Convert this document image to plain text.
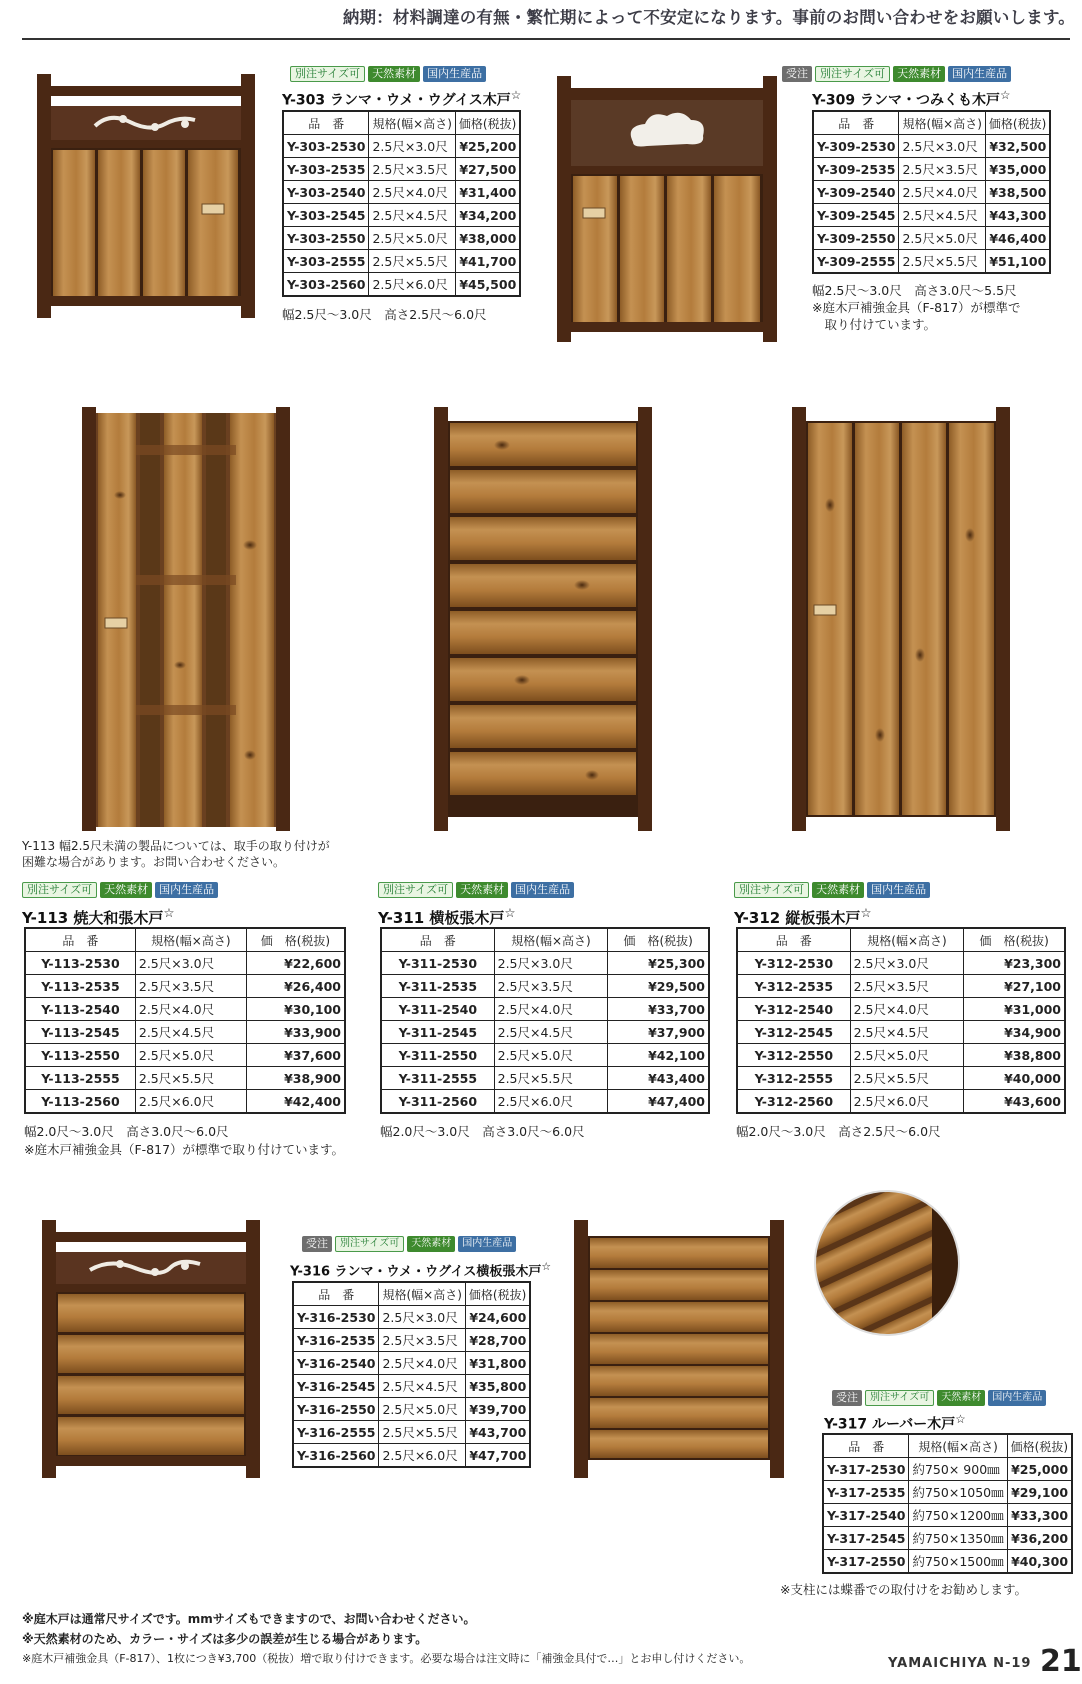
納期：材料調達の有無・繁忙期によって不安定になります。事前のお問い合わせをお願いします。
別注サイズ可	天然素材	国内生産品
Y-303 ランマ・ウメ・ウグイス木戸☆
品　番	規格(幅×高さ)	価格(税抜)
Y-303-2530	2.5尺×3.0尺	¥25,200
Y-303-2535	2.5尺×3.5尺	¥27,500
Y-303-2540	2.5尺×4.0尺	¥31,400
Y-303-2545	2.5尺×4.5尺	¥34,200
Y-303-2550	2.5尺×5.0尺	¥38,000
Y-303-2555	2.5尺×5.5尺	¥41,700
Y-303-2560	2.5尺×6.0尺	¥45,500
幅2.5尺～3.0尺　高さ2.5尺～6.0尺
受注	別注サイズ可	天然素材	国内生産品
Y-309 ランマ・つみくも木戸☆
品　番	規格(幅×高さ)	価格(税抜)
Y-309-2530	2.5尺×3.0尺	¥32,500
Y-309-2535	2.5尺×3.5尺	¥35,000
Y-309-2540	2.5尺×4.0尺	¥38,500
Y-309-2545	2.5尺×4.5尺	¥43,300
Y-309-2550	2.5尺×5.0尺	¥46,400
Y-309-2555	2.5尺×5.5尺	¥51,100
幅2.5尺～3.0尺　高さ3.0尺～5.5尺
※庭木戸補強金具（F-817）が標準で
　取り付けています。
Y-113 幅2.5尺未満の製品については、取手の取り付けが
困難な場合があります。お問い合わせください。
別注サイズ可	天然素材	国内生産品
Y-113 焼大和張木戸☆
品　番	規格(幅×高さ)	価　格(税抜)
Y-113-2530	2.5尺×3.0尺	¥22,600
Y-113-2535	2.5尺×3.5尺	¥26,400
Y-113-2540	2.5尺×4.0尺	¥30,100
Y-113-2545	2.5尺×4.5尺	¥33,900
Y-113-2550	2.5尺×5.0尺	¥37,600
Y-113-2555	2.5尺×5.5尺	¥38,900
Y-113-2560	2.5尺×6.0尺	¥42,400
幅2.0尺～3.0尺　高さ3.0尺～6.0尺
※庭木戸補強金具（F-817）が標準で取り付けています。
別注サイズ可	天然素材	国内生産品
Y-311 横板張木戸☆
品　番	規格(幅×高さ)	価　格(税抜)
Y-311-2530	2.5尺×3.0尺	¥25,300
Y-311-2535	2.5尺×3.5尺	¥29,500
Y-311-2540	2.5尺×4.0尺	¥33,700
Y-311-2545	2.5尺×4.5尺	¥37,900
Y-311-2550	2.5尺×5.0尺	¥42,100
Y-311-2555	2.5尺×5.5尺	¥43,400
Y-311-2560	2.5尺×6.0尺	¥47,400
幅2.0尺～3.0尺　高さ3.0尺～6.0尺
別注サイズ可	天然素材	国内生産品
Y-312 縦板張木戸☆
品　番	規格(幅×高さ)	価　格(税抜)
Y-312-2530	2.5尺×3.0尺	¥23,300
Y-312-2535	2.5尺×3.5尺	¥27,100
Y-312-2540	2.5尺×4.0尺	¥31,000
Y-312-2545	2.5尺×4.5尺	¥34,900
Y-312-2550	2.5尺×5.0尺	¥38,800
Y-312-2555	2.5尺×5.5尺	¥40,000
Y-312-2560	2.5尺×6.0尺	¥43,600
幅2.0尺～3.0尺　高さ2.5尺～6.0尺
受注	別注サイズ可	天然素材	国内生産品
Y-316 ランマ・ウメ・ウグイス横板張木戸☆
品　番	規格(幅×高さ)	価格(税抜)
Y-316-2530	2.5尺×3.0尺	¥24,600
Y-316-2535	2.5尺×3.5尺	¥28,700
Y-316-2540	2.5尺×4.0尺	¥31,800
Y-316-2545	2.5尺×4.5尺	¥35,800
Y-316-2550	2.5尺×5.0尺	¥39,700
Y-316-2555	2.5尺×5.5尺	¥43,700
Y-316-2560	2.5尺×6.0尺	¥47,700
受注	別注サイズ可	天然素材	国内生産品
Y-317 ルーバー木戸☆
品　番	規格(幅×高さ)	価格(税抜)
Y-317-2530	約750× 900㎜	¥25,000
Y-317-2535	約750×1050㎜	¥29,100
Y-317-2540	約750×1200㎜	¥33,300
Y-317-2545	約750×1350㎜	¥36,200
Y-317-2550	約750×1500㎜	¥40,300
※支柱には蝶番での取付けをお勧めします。
※庭木戸は通常尺サイズです。mmサイズもできますので、お問い合わせください。
※天然素材のため、カラー・サイズは多少の誤差が生じる場合があります。
※庭木戸補強金具（F-817）、1枚につき¥3,700（税抜）増で取り付けできます。必要な場合は注文時に「補強金具付で…」とお申し付けください。	YAMAICHIYA N-19 21
